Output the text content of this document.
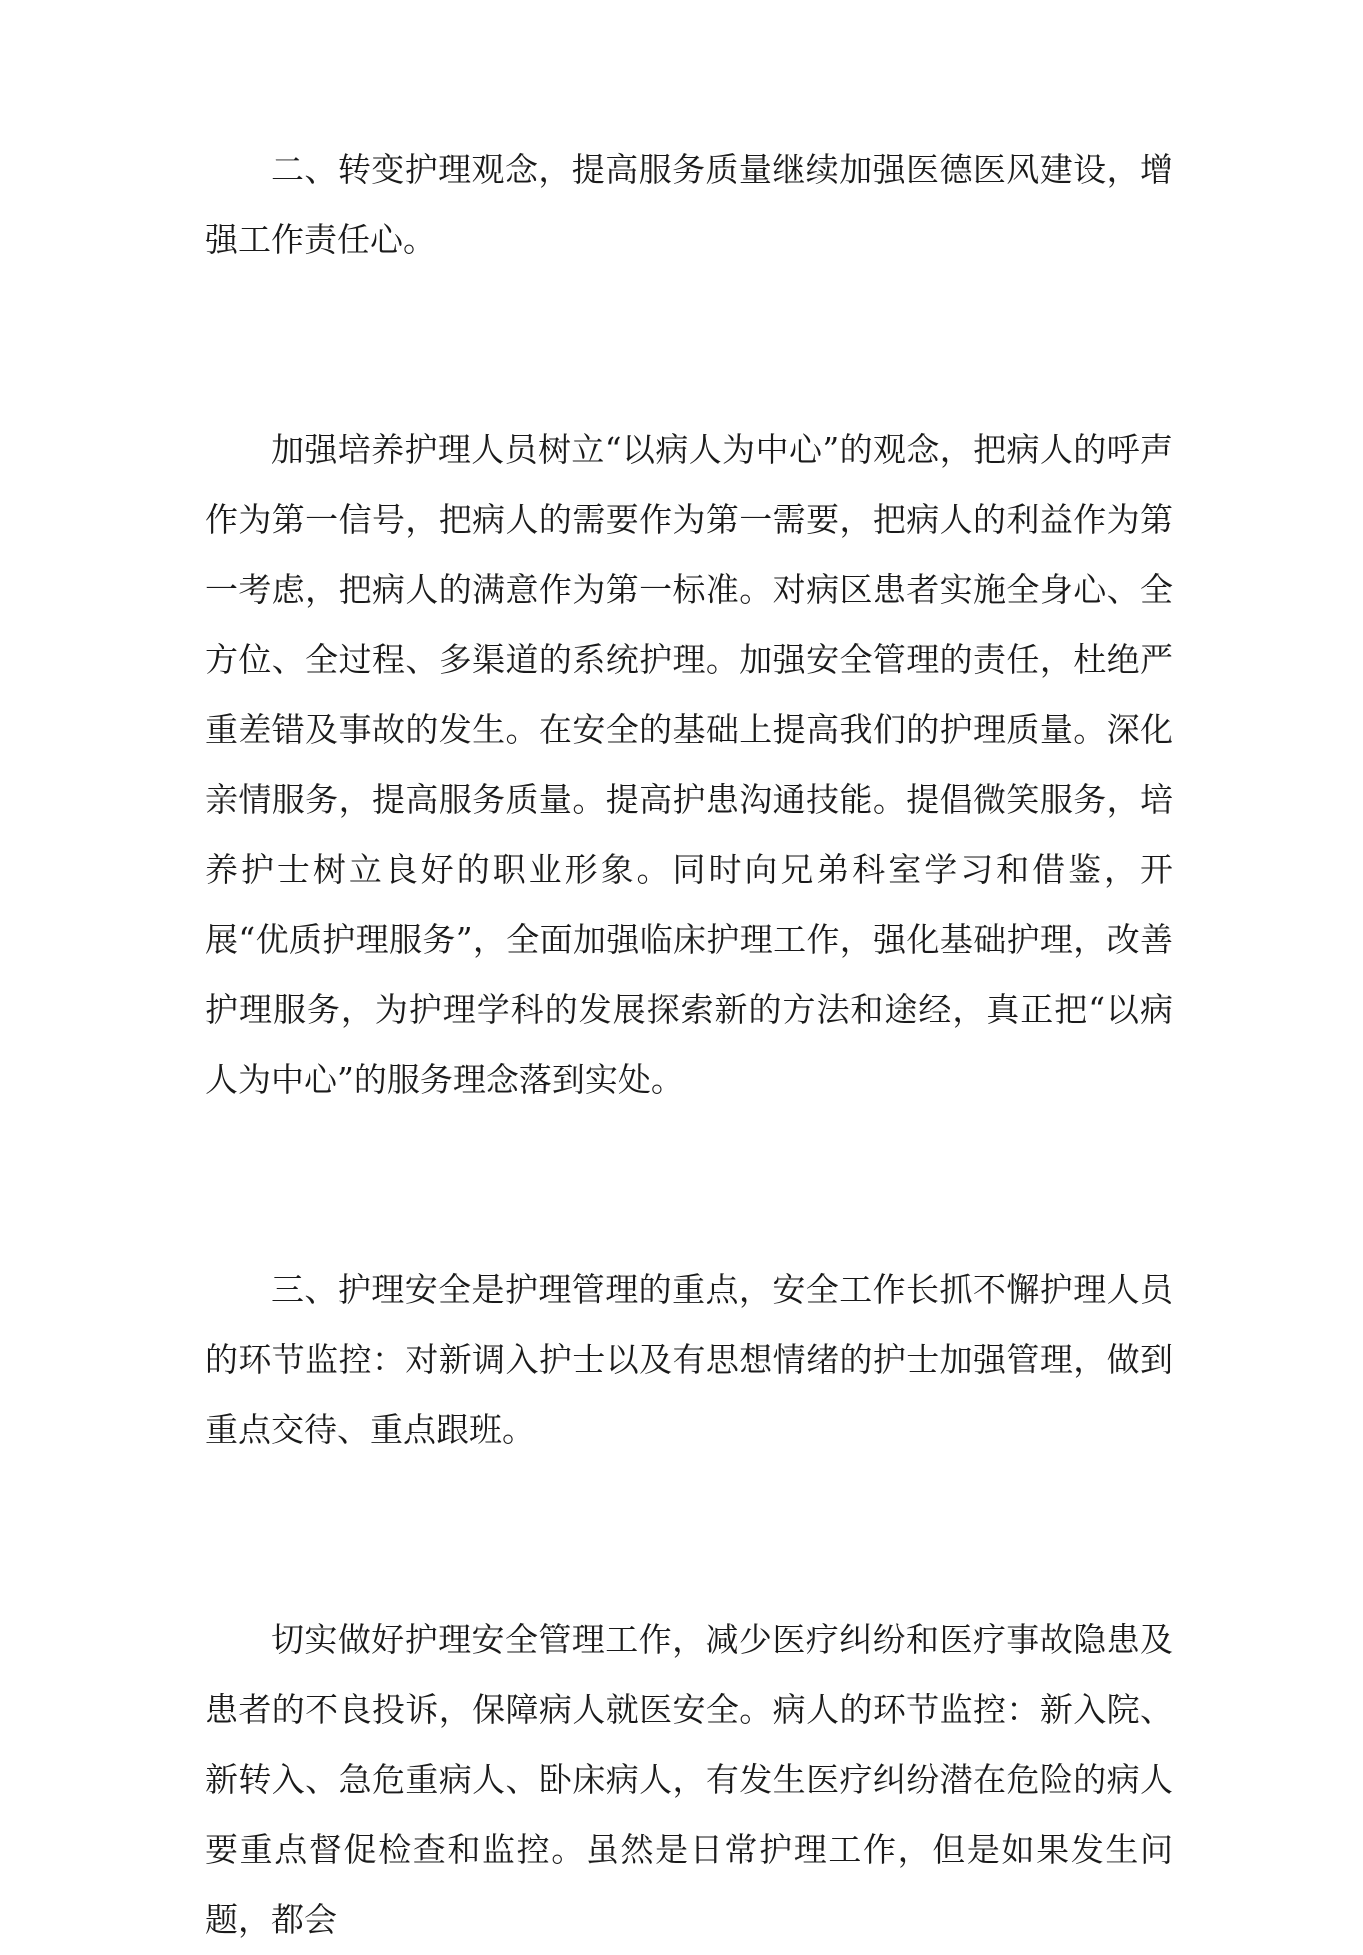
二、转变护理观念，提高服务质量继续加强医德医风建设，增强工作责任心。

加强培养护理人员树立“以病人为中心”的观念，把病人的呼声作为第一信号，把病人的需要作为第一需要，把病人的利益作为第一考虑，把病人的满意作为第一标准。对病区患者实施全身心、全方位、全过程、多渠道的系统护理。加强安全管理的责任，杜绝严重差错及事故的发生。在安全的基础上提高我们的护理质量。深化亲情服务，提高服务质量。提高护患沟通技能。提倡微笑服务，培养护士树立良好的职业形象。同时向兄弟科室学习和借鉴，开展“优质护理服务”，全面加强临床护理工作，强化基础护理，改善护理服务，为护理学科的发展探索新的方法和途经，真正把“以病人为中心”的服务理念落到实处。

三、护理安全是护理管理的重点，安全工作长抓不懈护理人员的环节监控：对新调入护士以及有思想情绪的护士加强管理，做到重点交待、重点跟班。

切实做好护理安全管理工作，减少医疗纠纷和医疗事故隐患及患者的不良投诉，保障病人就医安全。病人的环节监控：新入院、新转入、急危重病人、卧床病人，有发生医疗纠纷潜在危险的病人要重点督促检查和监控。虽然是日常护理工作，但是如果发生问题，都会
